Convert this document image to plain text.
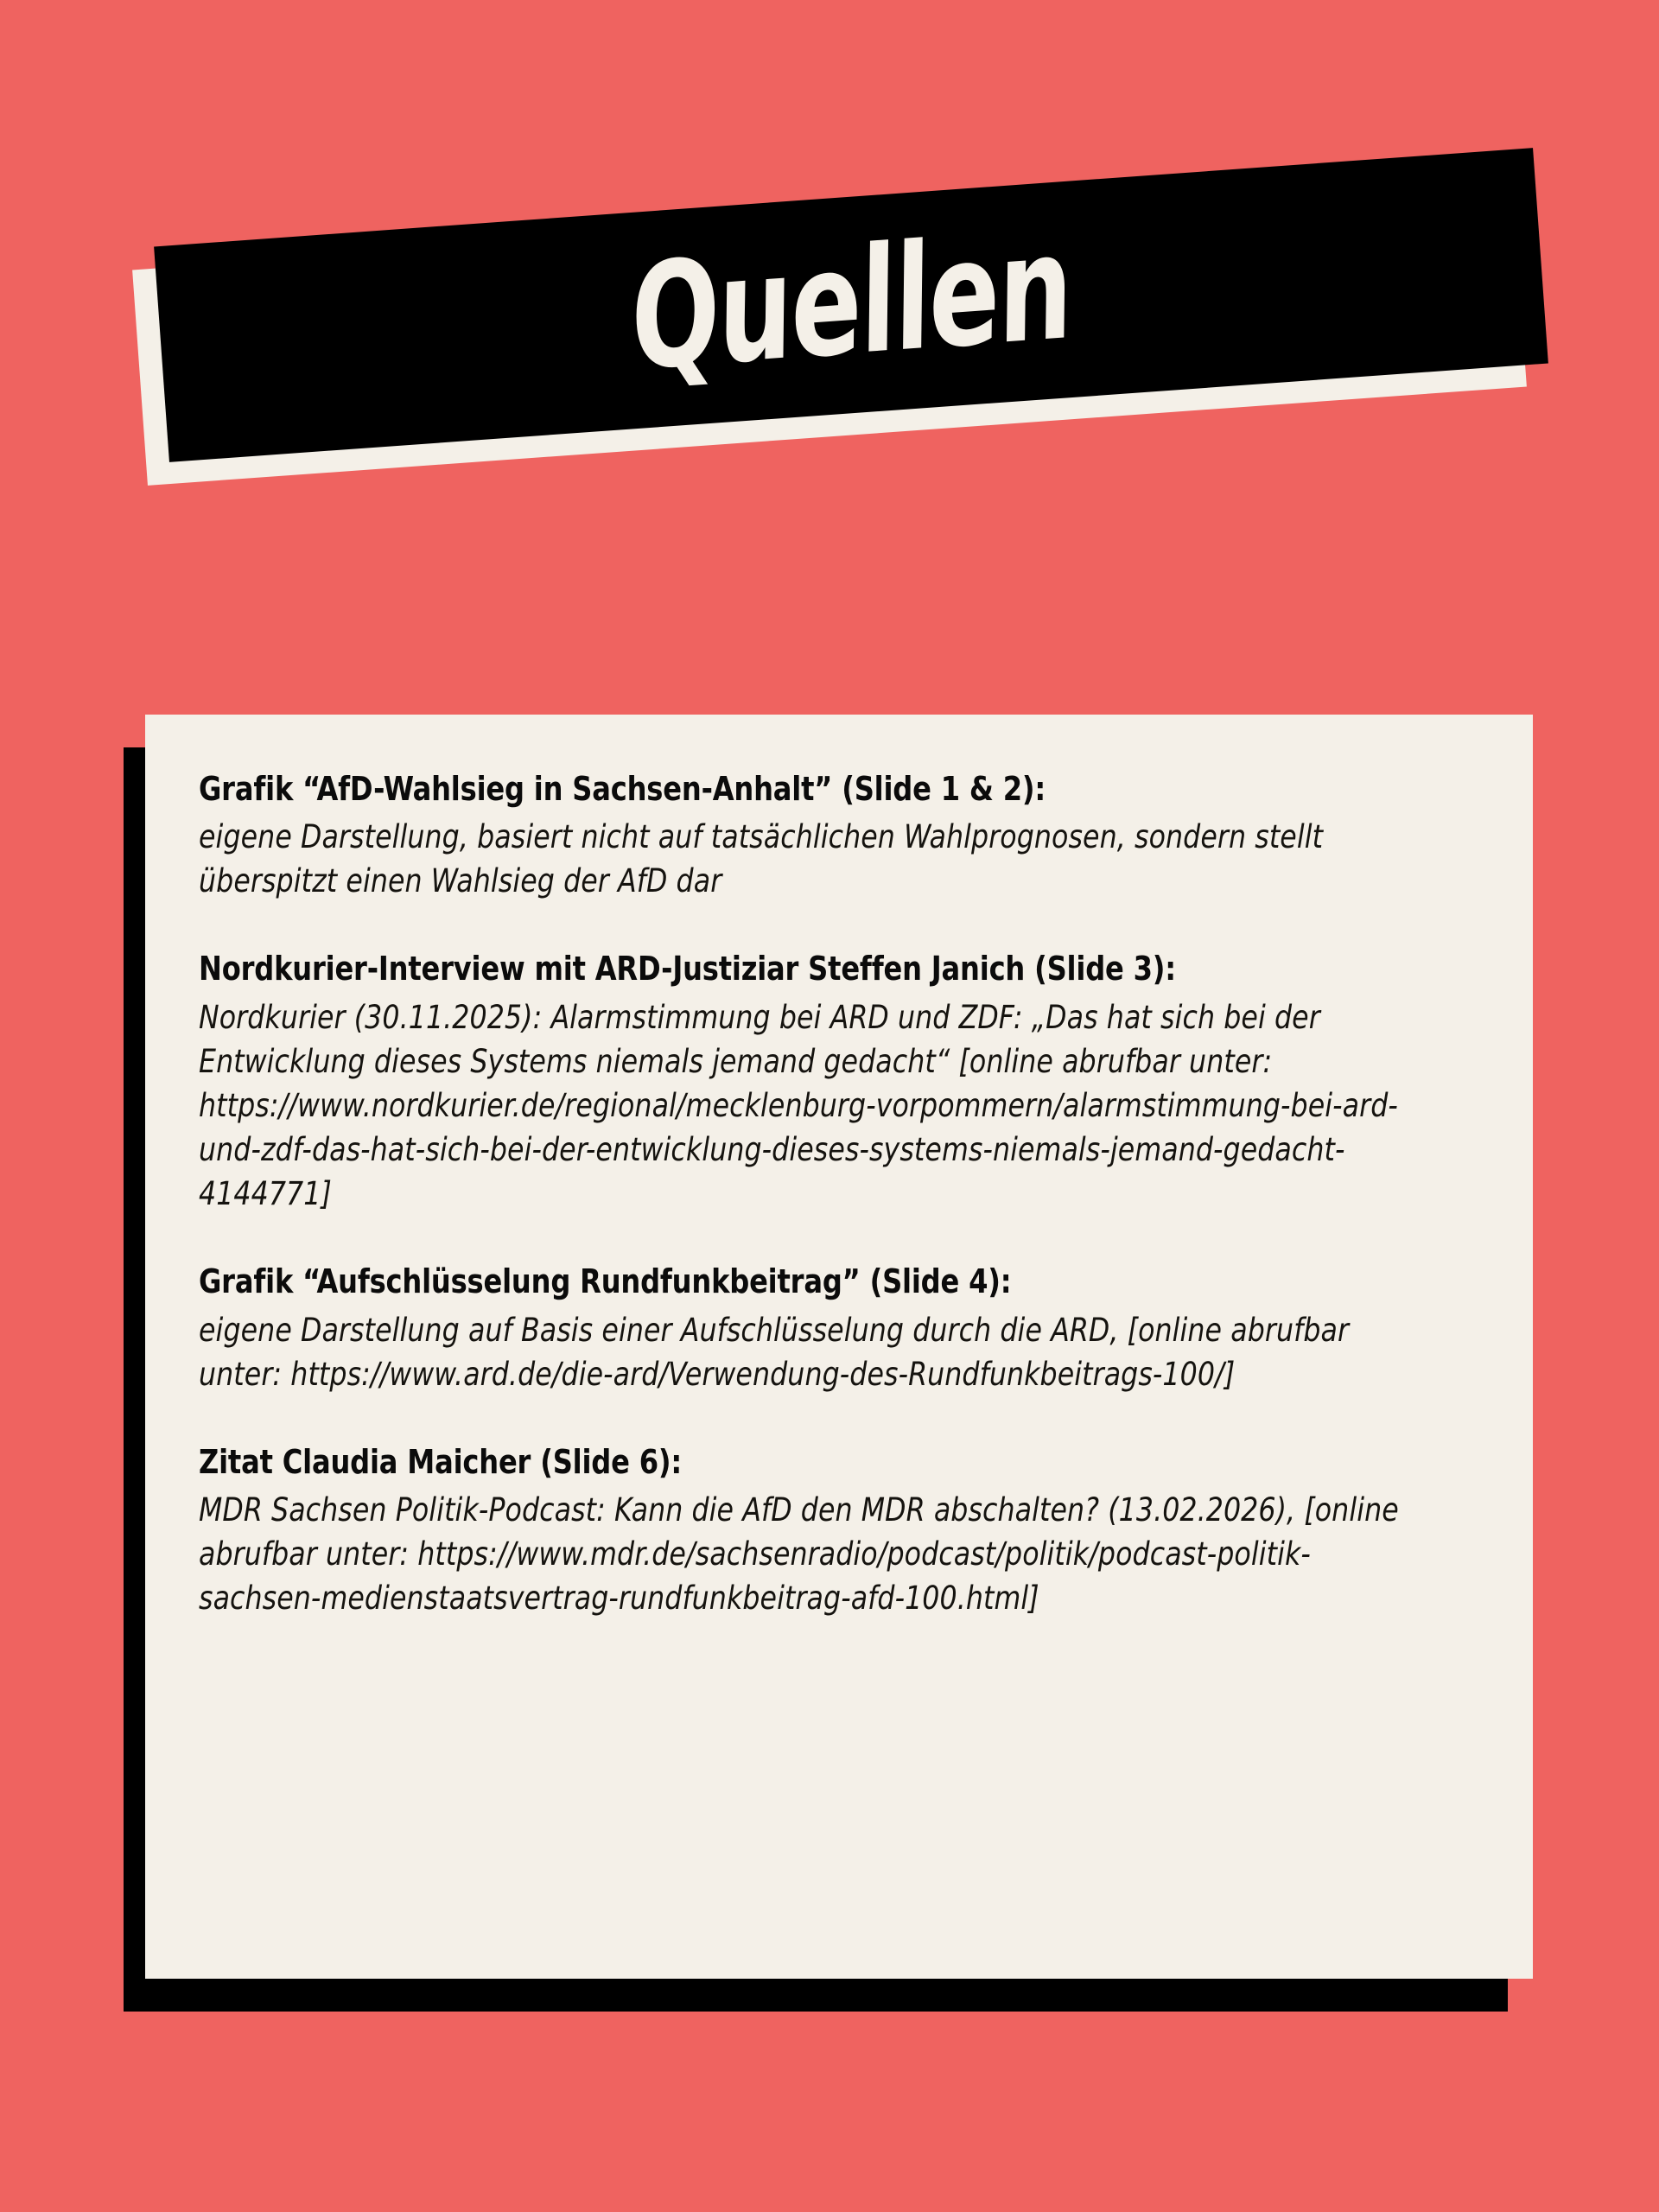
Quellen

Grafik “AfD-Wahlsieg in Sachsen-Anhalt” (Slide 1 & 2):

eigene Darstellung, basiert nicht auf tatsächlichen Wahlprognosen, sondern stellt überspitzt einen Wahlsieg der AfD dar

Nordkurier-Interview mit ARD-Justiziar Steffen Janich (Slide 3):

Nordkurier (30.11.2025): Alarmstimmung bei ARD und ZDF: „Das hat sich bei der Entwicklung dieses Systems niemals jemand gedacht“ [online abrufbar unter: https://www.nordkurier.de/regional/mecklenburg-vorpommern/alarmstimmung-bei-ard-und-zdf-das-hat-sich-bei-der-entwicklung-dieses-systems-niemals-jemand-gedacht-4144771]

Grafik “Aufschlüsselung Rundfunkbeitrag” (Slide 4):

eigene Darstellung auf Basis einer Aufschlüsselung durch die ARD, [online abrufbar unter: https://www.ard.de/die-ard/Verwendung-des-Rundfunkbeitrags-100/]

Zitat Claudia Maicher (Slide 6):

MDR Sachsen Politik-Podcast: Kann die AfD den MDR abschalten? (13.02.2026), [online abrufbar unter: https://www.mdr.de/sachsenradio/podcast/politik/podcast-politik-sachsen-medienstaatsvertrag-rundfunkbeitrag-afd-100.html]
